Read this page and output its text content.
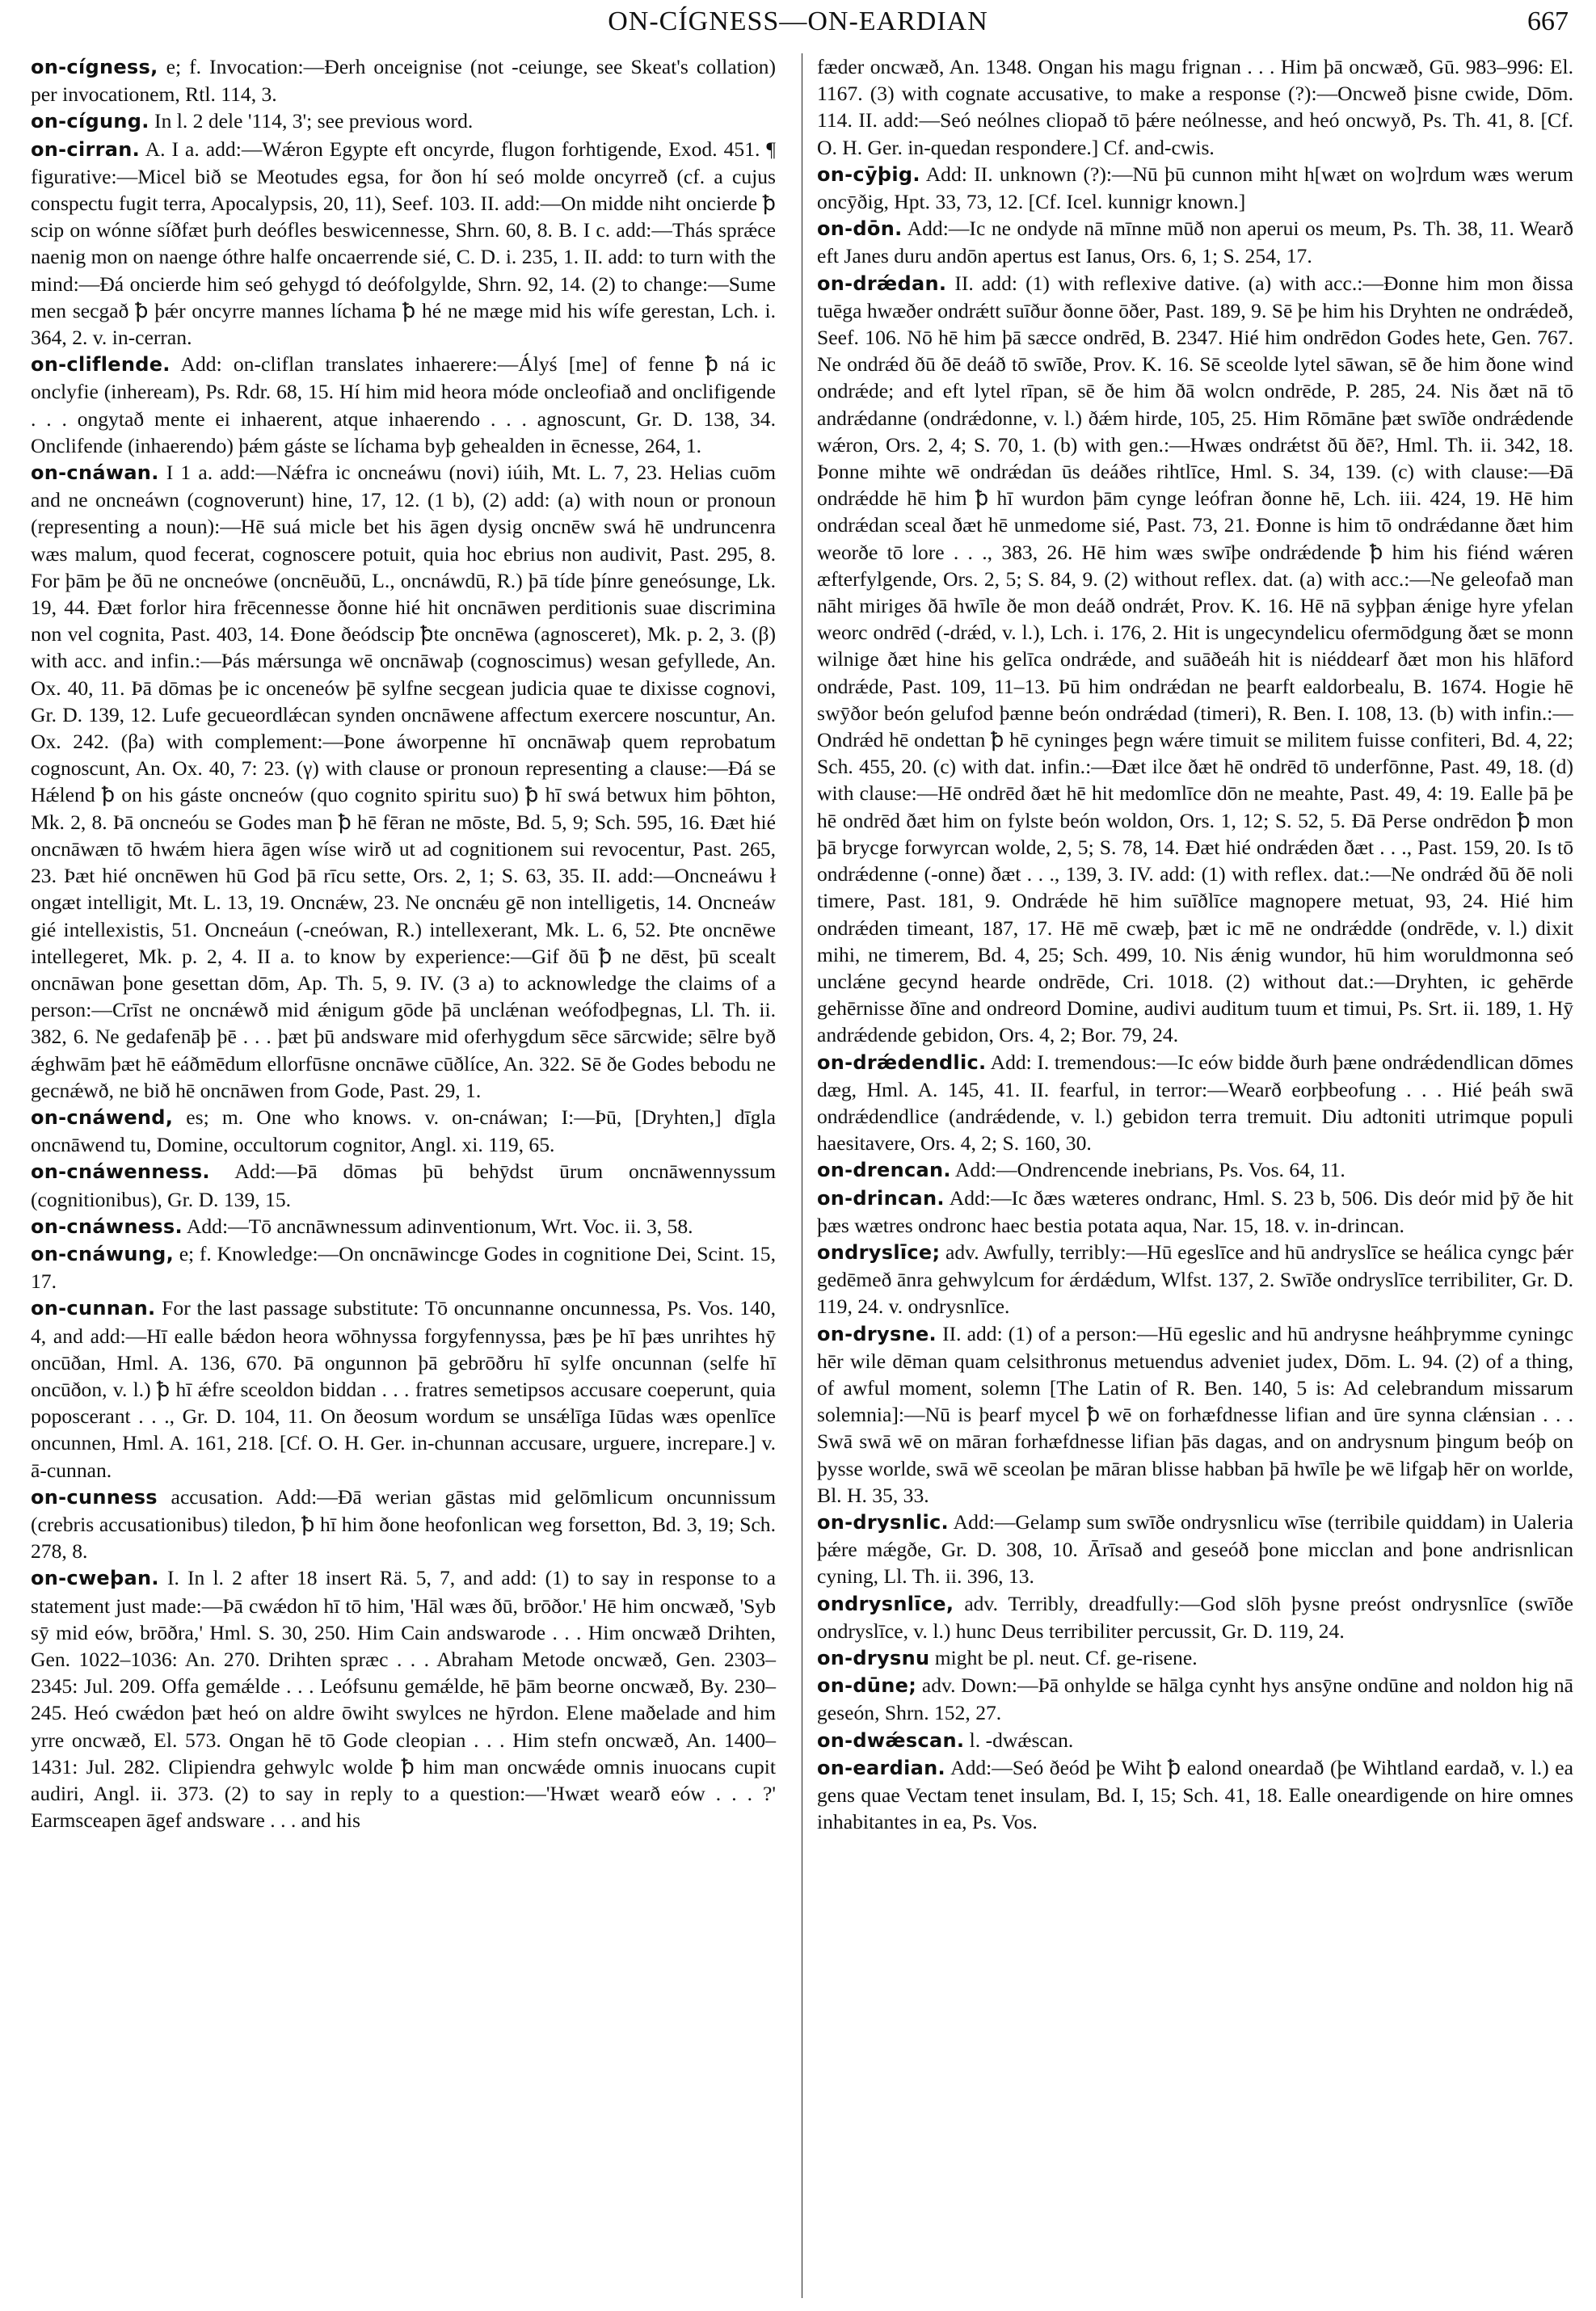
ON-CÍGNESS—ON-EARDIAN	667

on-cígness, e; f. Invocation:—Ðerh onceignise (not -ceiunge, see Skeat's collation) per invocationem, Rtl. 114, 3.

on-cígung. In l. 2 dele '114, 3'; see previous word.

on-cirran. A. I a. add:—Wǽron Egypte eft oncyrde, flugon forhtigende, Exod. 451. ¶ figurative:—Micel bið se Meotudes egsa, for ðon hí seó molde oncyrreð (cf. a cujus conspectu fugit terra, Apocalypsis, 20, 11), Seef. 103. II. add:—On midde niht oncierde ꝥ scip on wónne síðfæt þurh deófles beswicennesse, Shrn. 60, 8. B. I c. add:—Thás sprǽce naenig mon on naenge óthre halfe oncaerrende sié, C. D. i. 235, 1. II. add: to turn with the mind:—Ðá oncierde him seó gehygd tó deófolgylde, Shrn. 92, 14. (2) to change:—Sume men secgað ꝥ þǽr oncyrre mannes líchama ꝥ hé ne mæge mid his wífe gerestan, Lch. i. 364, 2. v. in-cerran.

on-cliflende. Add: on-cliflan translates inhaerere:—Ályś [me] of fenne ꝥ ná ic onclyfie (inheream), Ps. Rdr. 68, 15. Hí him mid heora móde oncleofiað and onclifigende . . . ongytað mente ei inhaerent, atque inhaerendo . . . agnoscunt, Gr. D. 138, 34. Onclifende (inhaerendo) þǽm gáste se líchama byþ gehealden in ēcnesse, 264, 1.

on-cnáwan. I 1 a. add:—Nǽfra ic oncneáwu (novi) iúih, Mt. L. 7, 23. Helias cuōm and ne oncneáwn (cognoverunt) hine, 17, 12. (1 b), (2) add: (a) with noun or pronoun (representing a noun):—Hē suá micle bet his āgen dysig oncnēw swá hē undruncenra wæs malum, quod fecerat, cognoscere potuit, quia hoc ebrius non audivit, Past. 295, 8. For þām þe ðū ne oncneówe (oncnēuðū, L., oncnáwdū, R.) þā tíde þínre geneósunge, Lk. 19, 44. Ðæt forlor hira frēcennesse ðonne hié hit oncnāwen perditionis suae discrimina non vel cognita, Past. 403, 14. Ðone ðeódscip ꝥte oncnēwa (agnosceret), Mk. p. 2, 3. (β) with acc. and infin.:—Þás mǽrsunga wē oncnāwaþ (cognoscimus) wesan gefyllede, An. Ox. 40, 11. Þā dōmas þe ic onceneów þē sylfne secgean judicia quae te dixisse cognovi, Gr. D. 139, 12. Lufe gecueordlǽcan synden oncnāwene affectum exercere noscuntur, An. Ox. 242. (βa) with complement:—Þone áworpenne hī oncnāwaþ quem reprobatum cognoscunt, An. Ox. 40, 7: 23. (γ) with clause or pronoun representing a clause:—Ðá se Hǽlend ꝥ on his gáste oncneów (quo cognito spiritu suo) ꝥ hī swá betwux him þōhton, Mk. 2, 8. Þā oncneóu se Godes man ꝥ hē fēran ne mōste, Bd. 5, 9; Sch. 595, 16. Ðæt hié oncnāwæn tō hwǽm hiera āgen wíse wirð ut ad cognitionem sui revocentur, Past. 265, 23. Þæt hié oncnēwen hū God þā rīcu sette, Ors. 2, 1; S. 63, 35. II. add:—Oncneáwu ł ongæt intelligit, Mt. L. 13, 19. Oncnǽw, 23. Ne oncnǽu gē non intelligetis, 14. Oncneáw gié intellexistis, 51. Oncneáun (-cneówan, R.) intellexerant, Mk. L. 6, 52. Þte oncnēwe intellegeret, Mk. p. 2, 4. II a. to know by experience:—Gif ðū ꝥ ne dēst, þū scealt oncnāwan þone gesettan dōm, Ap. Th. 5, 9. IV. (3 a) to acknowledge the claims of a person:—Crīst ne oncnǽwð mid ǽnigum gōde þā unclǽnan weófodþegnas, Ll. Th. ii. 382, 6. Ne gedafenāþ þē . . . þæt þū andsware mid oferhygdum sēce sārcwide; sēlre byð ǽghwām þæt hē eáðmēdum ellorfūsne oncnāwe cūðlíce, An. 322. Sē ðe Godes bebodu ne gecnǽwð, ne bið hē oncnāwen from Gode, Past. 29, 1.

on-cnáwend, es; m. One who knows. v. on-cnáwan; I:—Þū, [Dryhten,] dīgla oncnāwend tu, Domine, occultorum cognitor, Angl. xi. 119, 65.

on-cnáwenness. Add:—Þā dōmas þū behȳdst ūrum oncnāwennyssum (cognitionibus), Gr. D. 139, 15.

on-cnáwness. Add:—Tō ancnāwnessum adinventionum, Wrt. Voc. ii. 3, 58.

on-cnáwung, e; f. Knowledge:—On oncnāwincge Godes in cognitione Dei, Scint. 15, 17.

on-cunnan. For the last passage substitute: Tō oncunnanne oncunnessa, Ps. Vos. 140, 4, and add:—Hī ealle bǽdon heora wōhnyssa forgyfennyssa, þæs þe hī þæs unrihtes hȳ oncūðan, Hml. A. 136, 670. Þā ongunnon þā gebrōðru hī sylfe oncunnan (selfe hī oncūðon, v. l.) ꝥ hī ǽfre sceoldon biddan . . . fratres semetipsos accusare coeperunt, quia poposcerant . . ., Gr. D. 104, 11. On ðeosum wordum se unsǽlīga Iūdas wæs openlīce oncunnen, Hml. A. 161, 218. [Cf. O. H. Ger. in-chunnan accusare, urguere, increpare.] v. ā-cunnan.

on-cunness accusation. Add:—Ðā werian gāstas mid gelōmlicum oncunnissum (crebris accusationibus) tiledon, ꝥ hī him ðone heofonlican weg forsetton, Bd. 3, 19; Sch. 278, 8.

on-cweþan. I. In l. 2 after 18 insert Rä. 5, 7, and add: (1) to say in response to a statement just made:—Þā cwǽdon hī tō him, 'Hāl wæs ðū, brōðor.' Hē him oncwæð, 'Syb sȳ mid eów, brōðra,' Hml. S. 30, 250. Him Cain andswarode . . . Him oncwæð Drihten, Gen. 1022–1036: An. 270. Drihten spræc . . . Abraham Metode oncwæð, Gen. 2303–2345: Jul. 209. Offa gemǽlde . . . Leófsunu gemǽlde, hē þām beorne oncwæð, By. 230–245. Heó cwǽdon þæt heó on aldre ōwiht swylces ne hȳrdon. Elene maðelade and him yrre oncwæð, El. 573. Ongan hē tō Gode cleopian . . . Him stefn oncwæð, An. 1400–1431: Jul. 282. Clipiendra gehwylc wolde ꝥ him man oncwǽde omnis inuocans cupit audiri, Angl. ii. 373. (2) to say in reply to a question:—'Hwæt wearð eów . . . ?' Earmsceapen āgef andsware . . . and his

fæder oncwæð, An. 1348. Ongan his magu frignan . . . Him þā oncwæð, Gū. 983–996: El. 1167. (3) with cognate accusative, to make a response (?):—Oncweð þisne cwide, Dōm. 114. II. add:—Seó neólnes cliopað tō þǽre neólnesse, and heó oncwyð, Ps. Th. 41, 8. [Cf. O. H. Ger. in-quedan respondere.] Cf. and-cwis.

on-cȳþig. Add: II. unknown (?):—Nū þū cunnon miht h[wæt on wo]rdum wæs werum oncȳðig, Hpt. 33, 73, 12. [Cf. Icel. kunnigr known.]

on-dōn. Add:—Ic ne ondyde nā mīnne mūð non aperui os meum, Ps. Th. 38, 11. Wearð eft Janes duru andōn apertus est Ianus, Ors. 6, 1; S. 254, 17.

on-drǽdan. II. add: (1) with reflexive dative. (a) with acc.:—Ðonne him mon ðissa tuēga hwæðer ondrǽtt suīður ðonne ōðer, Past. 189, 9. Sē þe him his Dryhten ne ondrǽdeð, Seef. 106. Nō hē him þā sæcce ondrēd, B. 2347. Hié him ondrēdon Godes hete, Gen. 767. Ne ondrǽd ðū ðē deáð tō swīðe, Prov. K. 16. Sē sceolde lytel sāwan, sē ðe him ðone wind ondrǽde; and eft lytel rīpan, sē ðe him ðā wolcn ondrēde, P. 285, 24. Nis ðæt nā tō andrǽdanne (ondrǽdonne, v. l.) ðǽm hirde, 105, 25. Him Rōmāne þæt swīðe ondrǽdende wǽron, Ors. 2, 4; S. 70, 1. (b) with gen.:—Hwæs ondrǽtst ðū ðē?, Hml. Th. ii. 342, 18. Þonne mihte wē ondrǽdan ūs deáðes rihtlīce, Hml. S. 34, 139. (c) with clause:—Ðā ondrǽdde hē him ꝥ hī wurdon þām cynge leófran ðonne hē, Lch. iii. 424, 19. Hē him ondrǽdan sceal ðæt hē unmedome sié, Past. 73, 21. Ðonne is him tō ondrǽdanne ðæt him weorðe tō lore . . ., 383, 26. Hē him wæs swīþe ondrǽdende ꝥ him his fiénd wǽren æfterfylgende, Ors. 2, 5; S. 84, 9. (2) without reflex. dat. (a) with acc.:—Ne geleofað man nāht miriges ðā hwīle ðe mon deáð ondrǽt, Prov. K. 16. Hē nā syþþan ǽnige hyre yfelan weorc ondrēd (-drǽd, v. l.), Lch. i. 176, 2. Hit is ungecyndelicu ofermōdgung ðæt se monn wilnige ðæt hine his gelīca ondrǽde, and suāðeáh hit is niéddearf ðæt mon his hlāford ondrǽde, Past. 109, 11–13. Þū him ondrǽdan ne þearft ealdorbealu, B. 1674. Hogie hē swȳðor beón gelufod þænne beón ondrǽdad (timeri), R. Ben. I. 108, 13. (b) with infin.:—Ondrǽd hē ondettan ꝥ hē cyninges þegn wǽre timuit se militem fuisse confiteri, Bd. 4, 22; Sch. 455, 20. (c) with dat. infin.:—Ðæt ilce ðæt hē ondrēd tō underfōnne, Past. 49, 18. (d) with clause:—Hē ondrēd ðæt hē hit medomlīce dōn ne meahte, Past. 49, 4: 19. Ealle þā þe hē ondrēd ðæt him on fylste beón woldon, Ors. 1, 12; S. 52, 5. Ðā Perse ondrēdon ꝥ mon þā brycge forwyrcan wolde, 2, 5; S. 78, 14. Ðæt hié ondrǽden ðæt . . ., Past. 159, 20. Is tō ondrǽdenne (-onne) ðæt . . ., 139, 3. IV. add: (1) with reflex. dat.:—Ne ondrǽd ðū ðē noli timere, Past. 181, 9. Ondrǽde hē him suīðlīce magnopere metuat, 93, 24. Hié him ondrǽden timeant, 187, 17. Hē mē cwæþ, þæt ic mē ne ondrǽdde (ondrēde, v. l.) dixit mihi, ne timerem, Bd. 4, 25; Sch. 499, 10. Nis ǽnig wundor, hū him woruldmonna seó unclǽne gecynd hearde ondrēde, Cri. 1018. (2) without dat.:—Dryhten, ic gehērde gehērnisse ðīne and ondreord Domine, audivi auditum tuum et timui, Ps. Srt. ii. 189, 1. Hȳ andrǽdende gebidon, Ors. 4, 2; Bor. 79, 24.

on-drǽdendlic. Add: I. tremendous:—Ic eów bidde ðurh þæne ondrǽdendlican dōmes dæg, Hml. A. 145, 41. II. fearful, in terror:—Wearð eorþbeofung . . . Hié þeáh swā ondrǽdendlice (andrǽdende, v. l.) gebidon terra tremuit. Diu adtoniti utrimque populi haesitavere, Ors. 4, 2; S. 160, 30.

on-drencan. Add:—Ondrencende inebrians, Ps. Vos. 64, 11.

on-drincan. Add:—Ic ðæs wæteres ondranc, Hml. S. 23 b, 506. Dis deór mid þȳ ðe hit þæs wætres ondronc haec bestia potata aqua, Nar. 15, 18. v. in-drincan.

ondryslīce; adv. Awfully, terribly:—Hū egeslīce and hū andryslīce se heálica cyngc þǽr gedēmeð ānra gehwylcum for ǽrdǽdum, Wlfst. 137, 2. Swīðe ondryslīce terribiliter, Gr. D. 119, 24. v. ondrysnlīce.

on-drysne. II. add: (1) of a person:—Hū egeslic and hū andrysne heáhþrymme cyningc hēr wile dēman quam celsithronus metuendus adveniet judex, Dōm. L. 94. (2) of a thing, of awful moment, solemn [The Latin of R. Ben. 140, 5 is: Ad celebrandum missarum solemnia]:—Nū is þearf mycel ꝥ wē on forhæfdnesse lifian and ūre synna clǽnsian . . . Swā swā wē on māran forhæfdnesse lifian þās dagas, and on andrysnum þingum beóþ on þysse worlde, swā wē sceolan þe māran blisse habban þā hwīle þe wē lifgaþ hēr on worlde, Bl. H. 35, 33.

on-drysnlic. Add:—Gelamp sum swīðe ondrysnlicu wīse (terribile quiddam) in Ualeria þǽre mǽgðe, Gr. D. 308, 10. Ārīsað and geseóð þone micclan and þone andrisnlican cyning, Ll. Th. ii. 396, 13.

ondrysnlīce, adv. Terribly, dreadfully:—God slōh þysne preóst ondrysnlīce (swīðe ondryslīce, v. l.) hunc Deus terribiliter percussit, Gr. D. 119, 24.

on-drysnu might be pl. neut. Cf. ge-risene.

on-dūne; adv. Down:—Þā onhylde se hālga cynht hys ansȳne ondūne and noldon hig nā geseón, Shrn. 152, 27.

on-dwǽscan. l. -dwǽscan.

on-eardian. Add:—Seó ðeód þe Wiht ꝥ ealond oneardað (þe Wihtland eardað, v. l.) ea gens quae Vectam tenet insulam, Bd. I, 15; Sch. 41, 18. Ealle oneardigende on hire omnes inhabitantes in ea, Ps. Vos.
